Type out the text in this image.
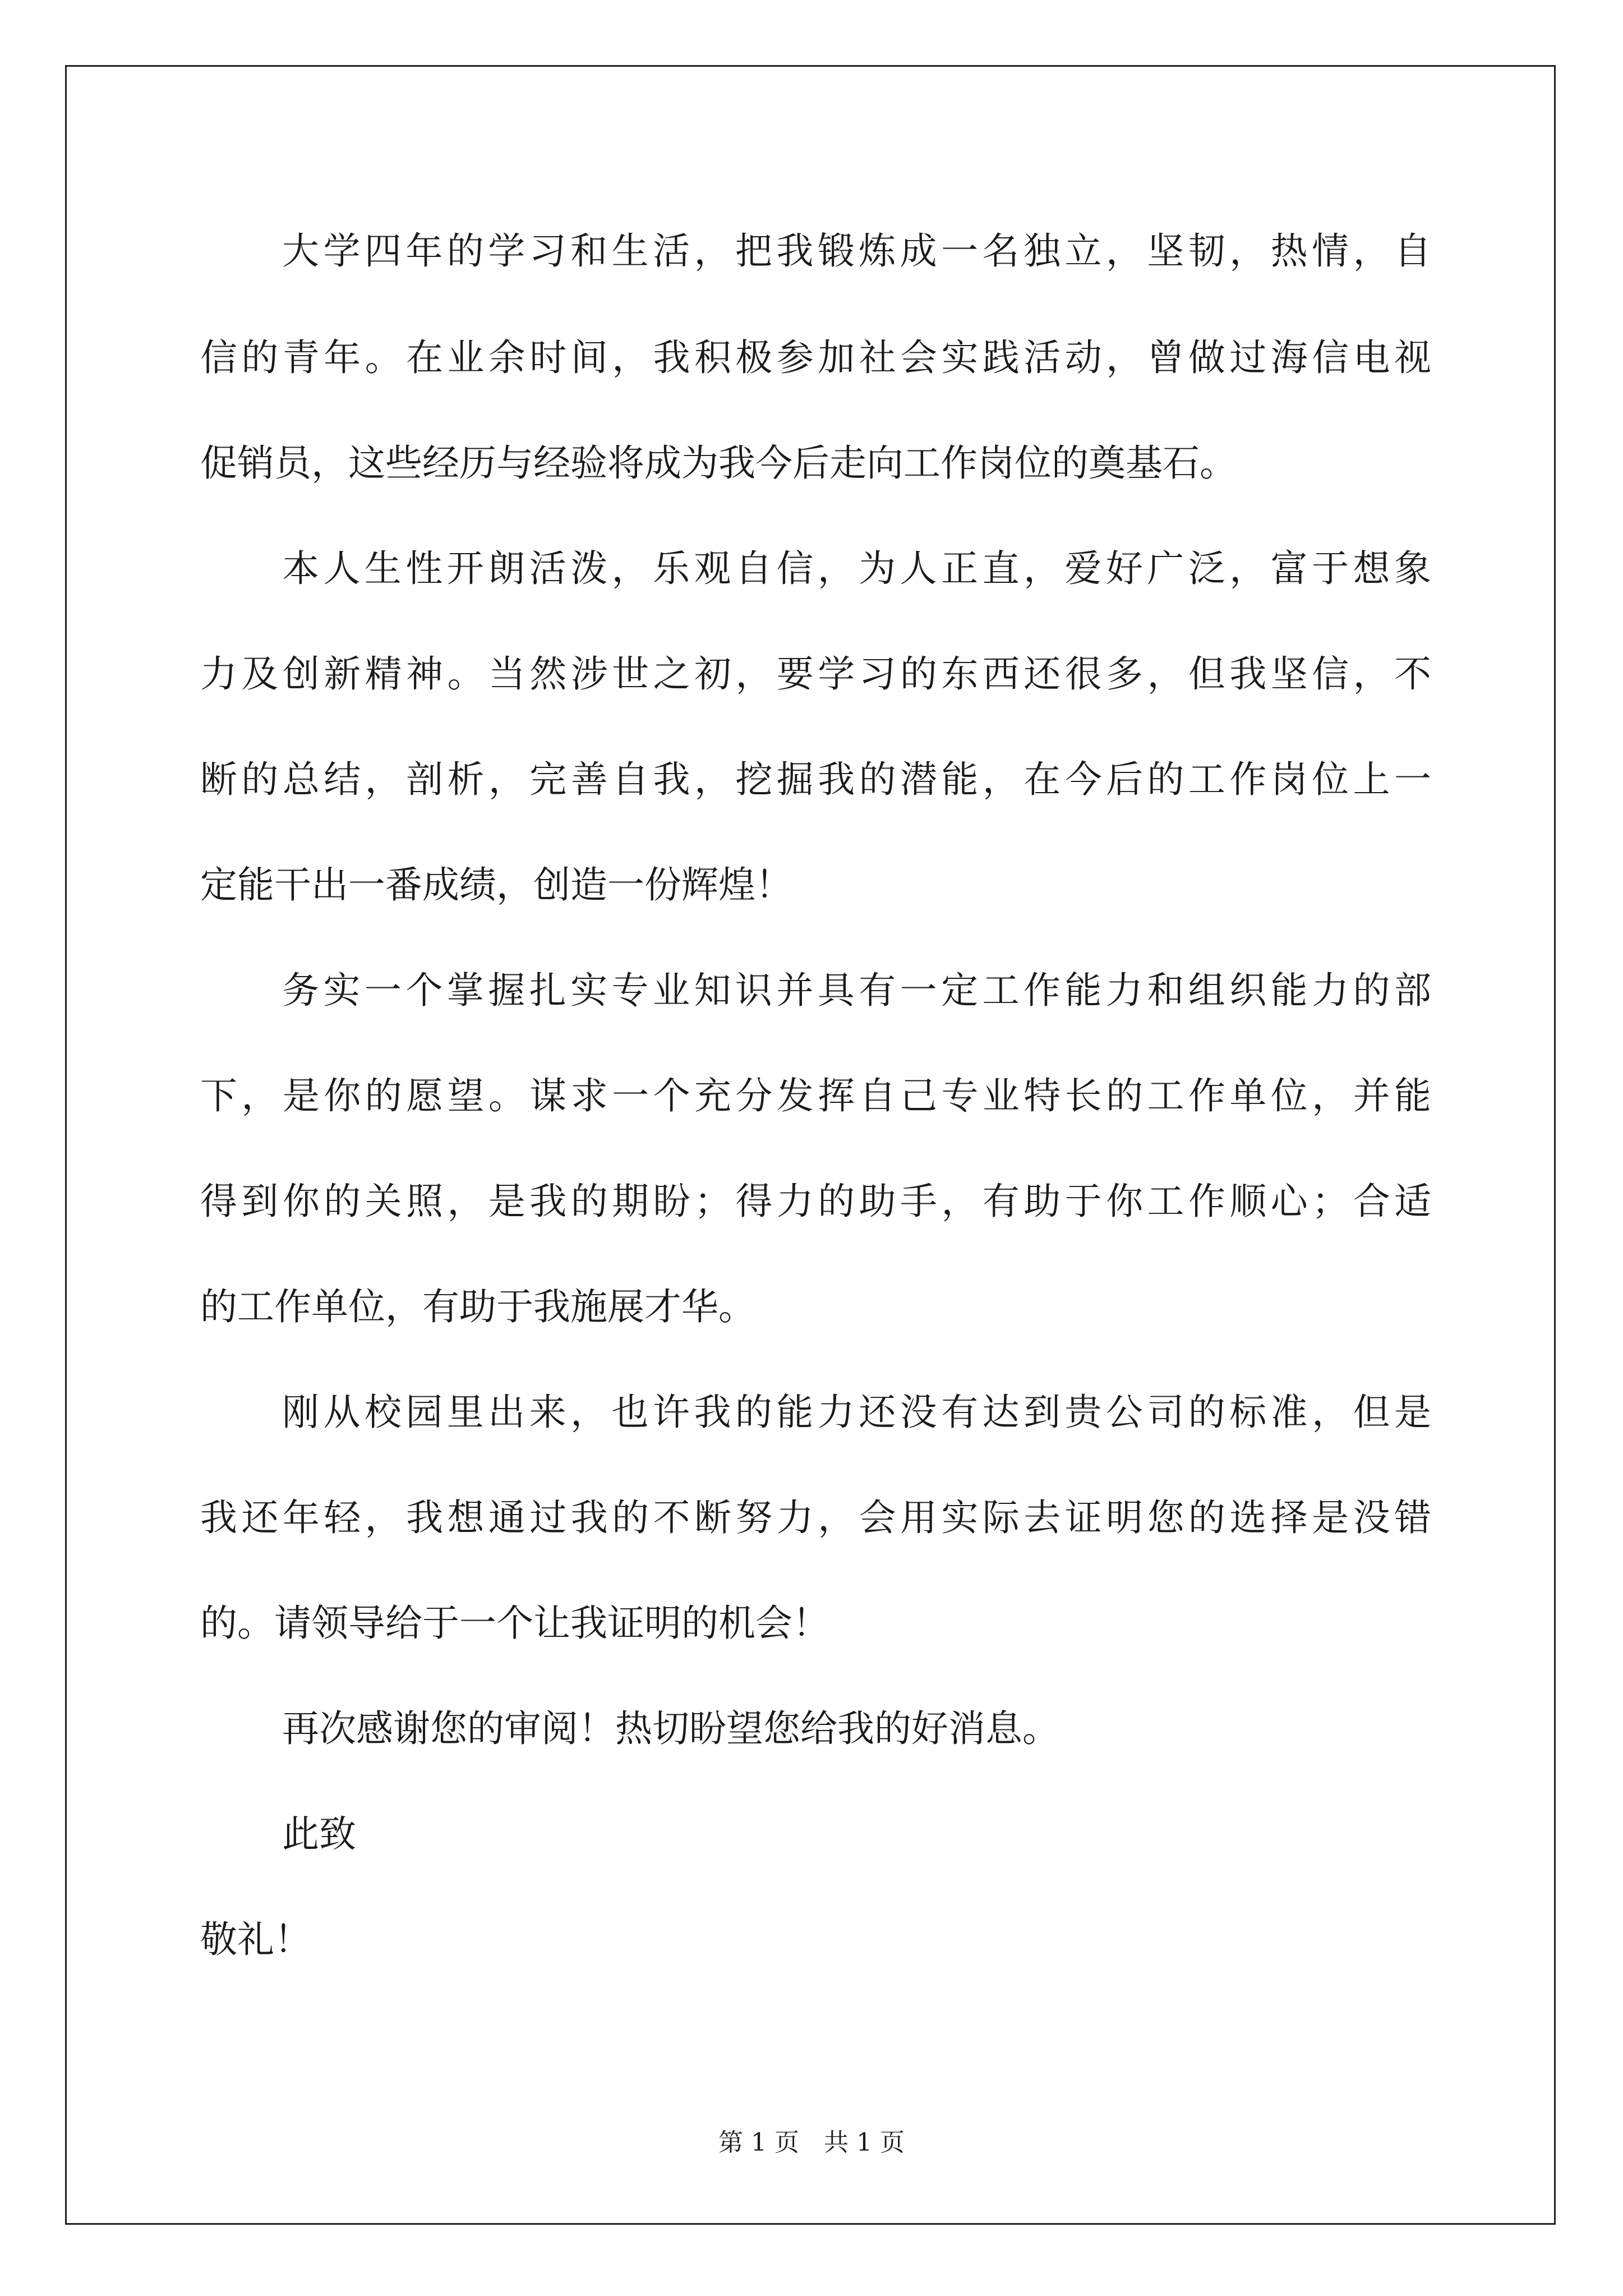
大学四年的学习和生活，把我锻炼成一名独立，坚韧，热情，自
信的青年。在业余时间，我积极参加社会实践活动，曾做过海信电视
促销员，这些经历与经验将成为我今后走向工作岗位的奠基石。
本人生性开朗活泼，乐观自信，为人正直，爱好广泛，富于想象
力及创新精神。当然涉世之初，要学习的东西还很多，但我坚信，不
断的总结，剖析，完善自我，挖掘我的潜能，在今后的工作岗位上一
定能干出一番成绩，创造一份辉煌！
务实一个掌握扎实专业知识并具有一定工作能力和组织能力的部
下，是你的愿望。谋求一个充分发挥自己专业特长的工作单位，并能
得到你的关照，是我的期盼；得力的助手，有助于你工作顺心；合适
的工作单位，有助于我施展才华。
刚从校园里出来，也许我的能力还没有达到贵公司的标准，但是
我还年轻，我想通过我的不断努力，会用实际去证明您的选择是没错
的。请领导给于一个让我证明的机会！
再次感谢您的审阅！热切盼望您给我的好消息。
此致
敬礼！
第 1 页　共 1 页
